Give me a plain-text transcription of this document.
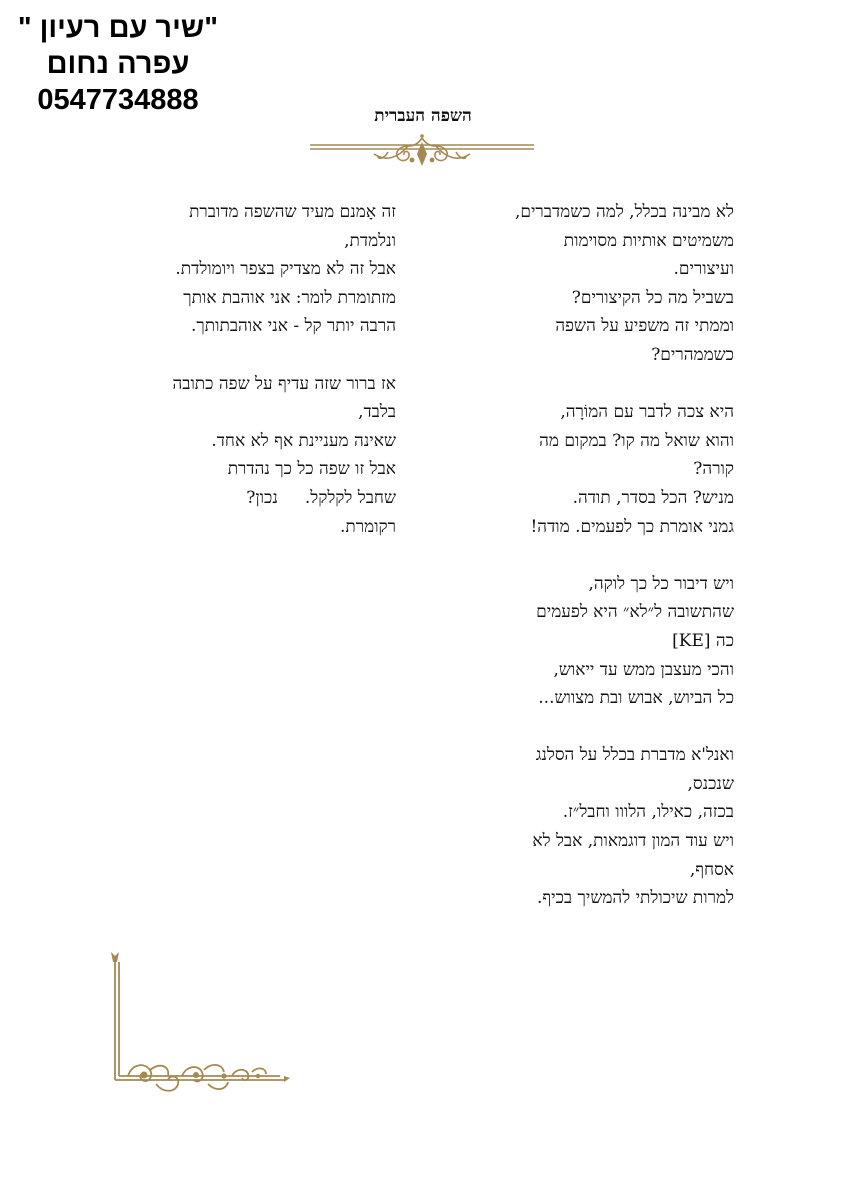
"שיר עם רעיון "
עפרה נחום
0547734888	השפה העברית
לא מבינה בכלל, למה כשמדברים,
משמיטים אותיות מסוימות
ועיצורים.
בשביל מה כל הקיצורים?
וממתי זה משפיע על השפה
כשממהרים?
היא צכה לדבר עם המוֹרָה,
והוא שואל מה קו? במקום מה
קורה?
מניש? הכל בסדר, תודה.
גמני אומרת כך לפעמים. מודה!
ויש דיבור כל כך לוקה,
שהתשובה ל״לא״ היא לפעמים
כה [KE]
והכי מעצבן ממש עד ייאוש,
כל הביוש, אבוש ובת מצווש...
ואנל'א מדברת בכלל על הסלנג
שנכנס,
בכזה, כאילו, הלווו וחבל״ז.
ויש עוד המון דוגמאות, אבל לא
אסחף,
למרות שיכולתי להמשיך בכיף.
זה אָמנם מעיד שהשפה מדוברת
ונלמדת,
אבל זה לא מצדיק בצפר ויומולדת.
מזתומרת לומר: אני אוהבת אותך
הרבה יותר קל - אני אוהבתותך.
אז ברור שזה עדיף על שפה כתובה
בלבד,
שאינה מעניינת אף לא אחד.
אבל זו שפה כל כך נהדרת
שחבל לקלקל.     נכון?
רקומרת.
